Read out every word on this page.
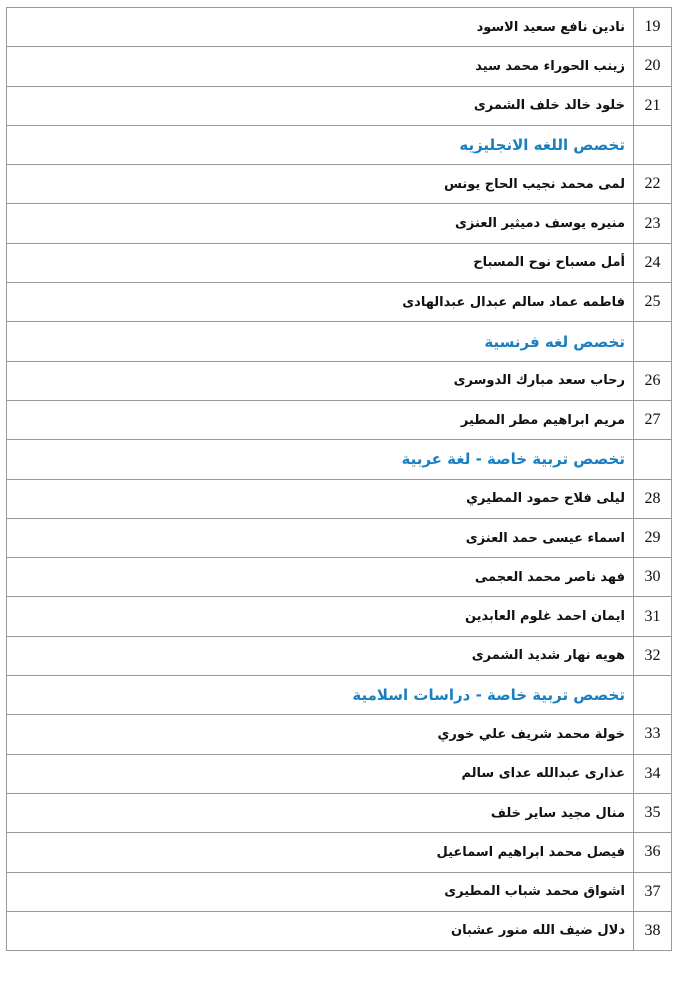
19
نادين نافع سعيد الاسود
20
زينب الحوراء محمد سيد
21
خلود خالد خلف الشمرى
تخصص اللغه الانجليزيه
22
لمى محمد نجيب الحاج يونس
23
منيره يوسف دميثير العنزى
24
أمل مسباح نوح المسباح
25
فاطمه عماد سالم عبدال عبدالهادى
تخصص لغه فرنسية
26
رحاب سعد مبارك الدوسرى
27
مريم ابراهيم مطر المطير
تخصص تربية خاصة - لغة عربية
28
ليلى فلاح حمود المطيري
29
اسماء عيسى حمد العنزى
30
فهد ناصر محمد العجمى
31
ايمان احمد غلوم العابدين
32
هويه نهار شديد الشمرى
تخصص تربية خاصة - دراسات اسلامية
33
خولة محمد شريف علي خوري
34
عذارى عبدالله عداى سالم
35
منال مجيد ساير خلف
36
فيصل محمد ابراهيم اسماعيل
37
اشواق محمد شباب المطيرى
38
دلال ضيف الله منور عشبان
